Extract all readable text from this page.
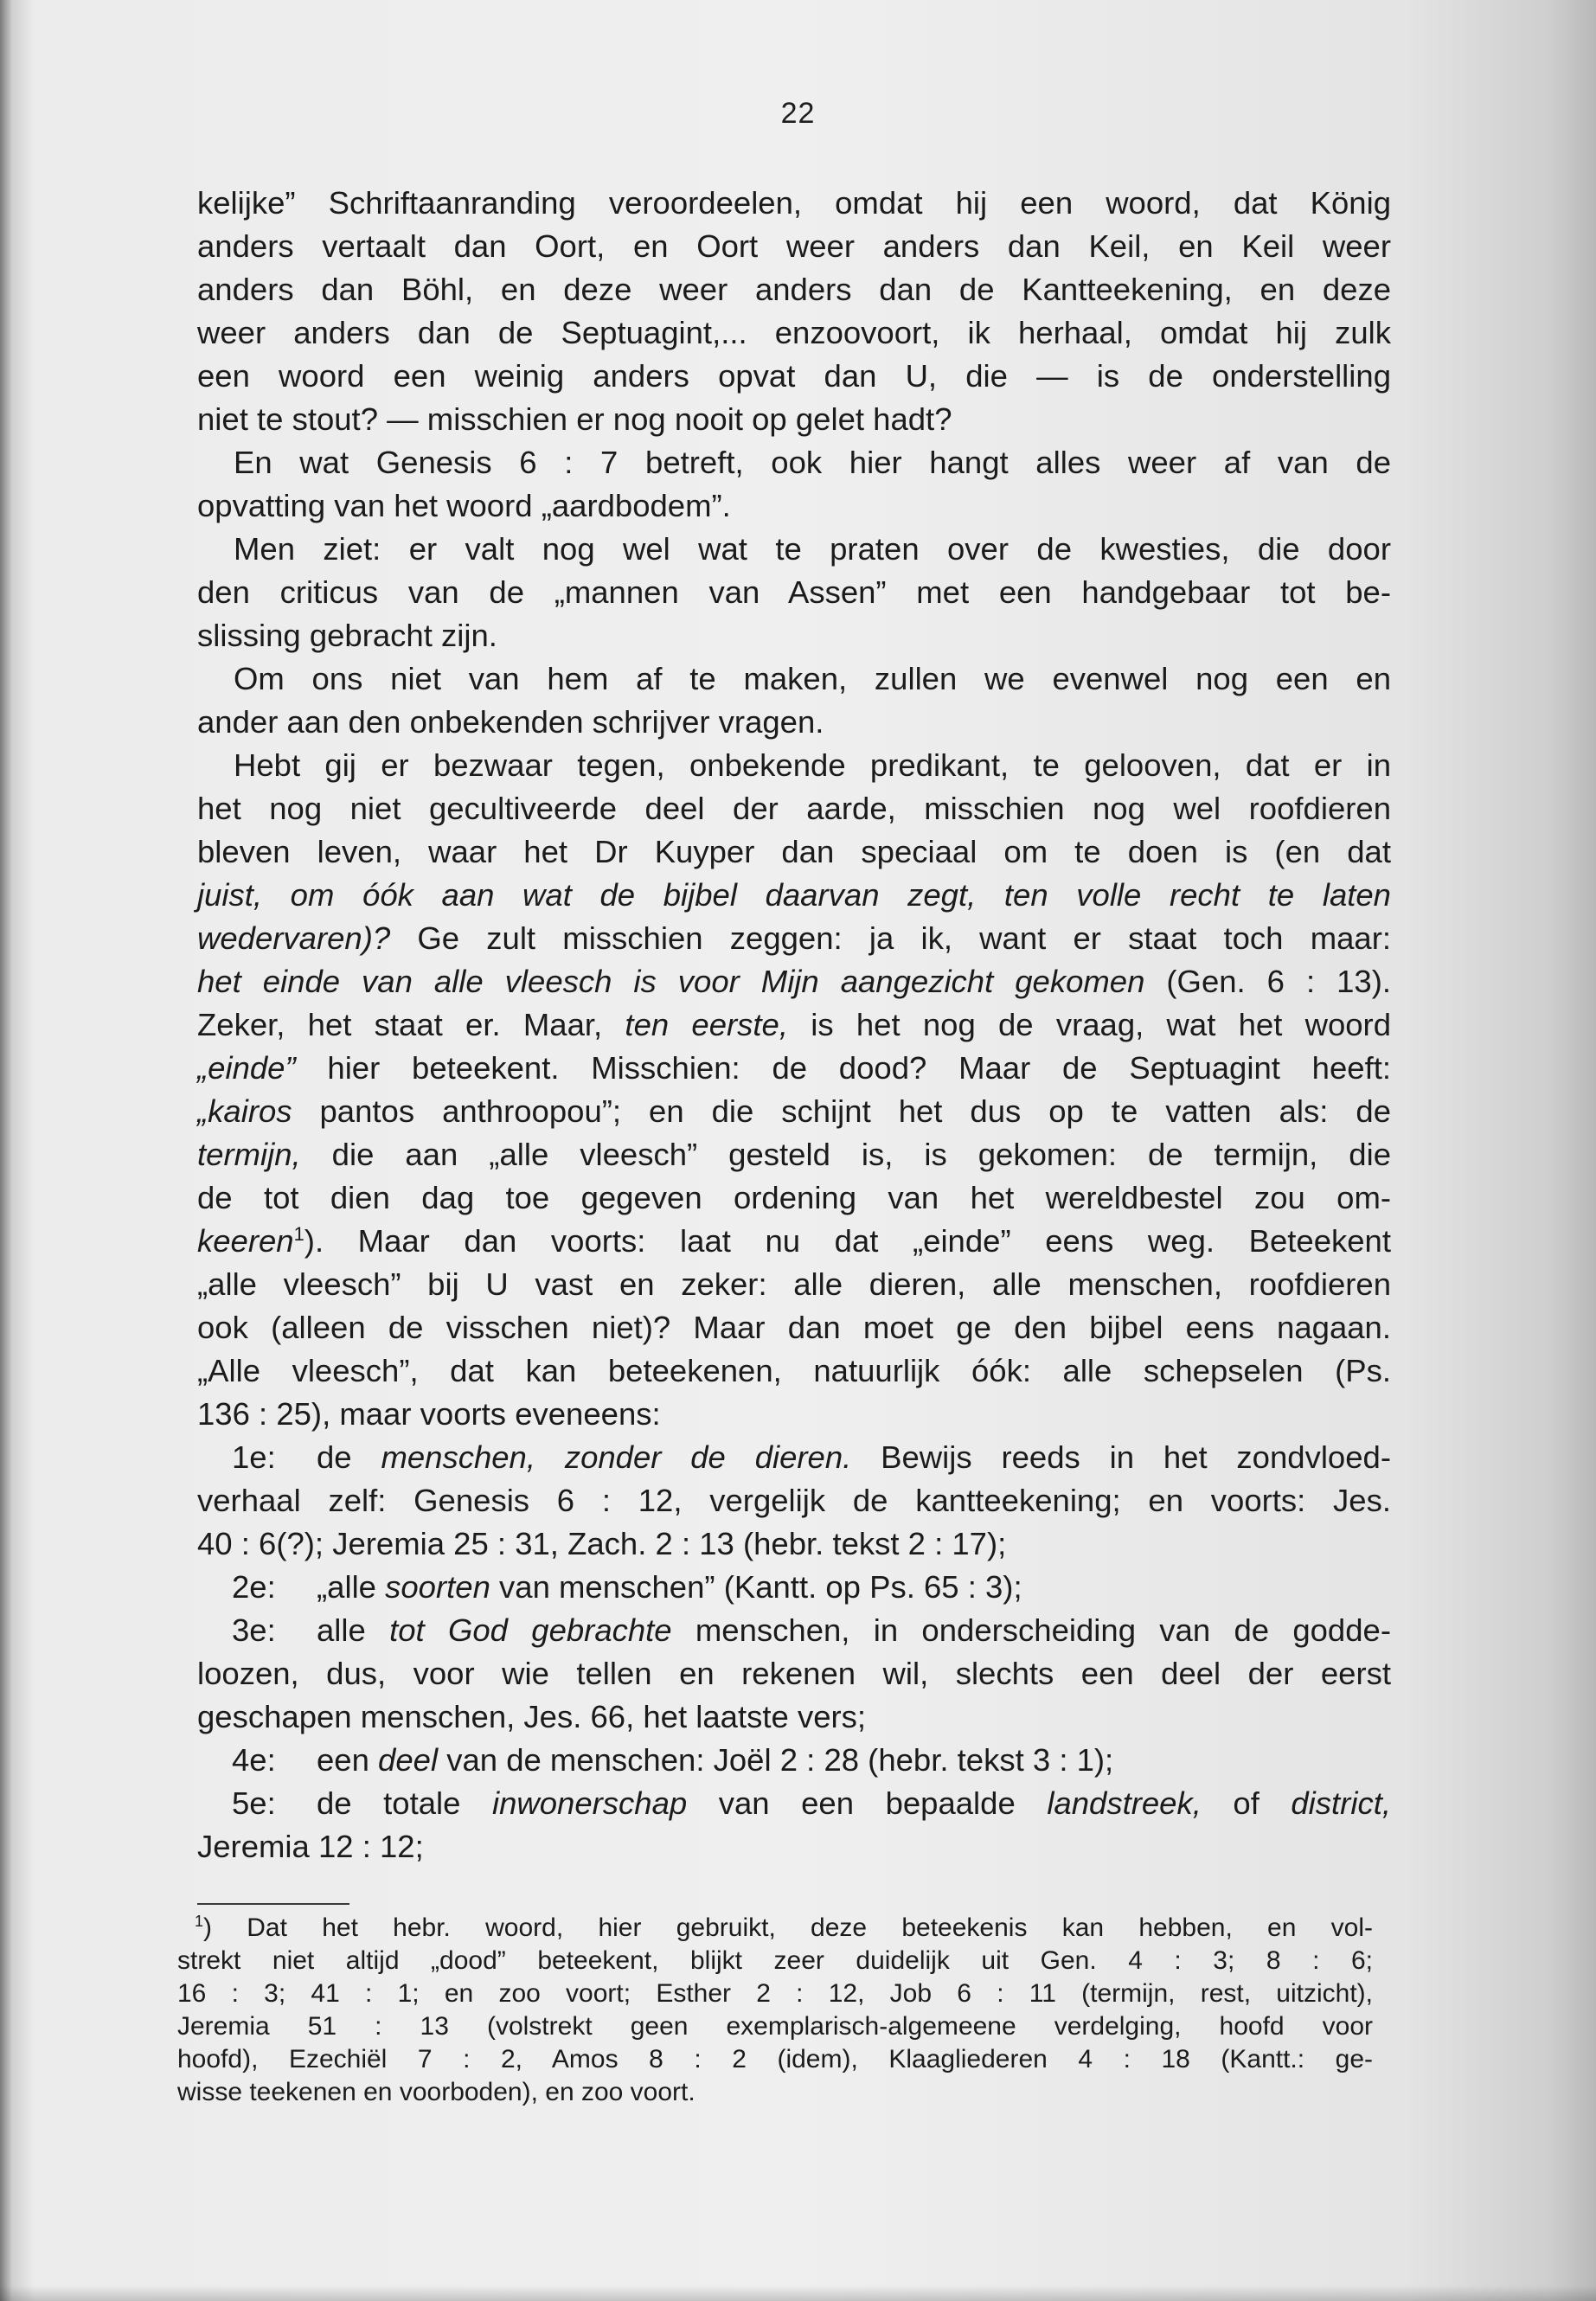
22
kelijke” Schriftaanranding veroordeelen, omdat hij een woord, dat König
anders vertaalt dan Oort, en Oort weer anders dan Keil, en Keil weer
anders dan Böhl, en deze weer anders dan de Kantteekening, en deze
weer anders dan de Septuagint,... enzoovoort, ik herhaal, omdat hij zulk
een woord een weinig anders opvat dan U, die — is de onderstelling
niet te stout? — misschien er nog nooit op gelet hadt?
En wat Genesis 6 : 7 betreft, ook hier hangt alles weer af van de
opvatting van het woord „aardbodem”.
Men ziet: er valt nog wel wat te praten over de kwesties, die door
den criticus van de „mannen van Assen” met een handgebaar tot be-
slissing gebracht zijn.
Om ons niet van hem af te maken, zullen we evenwel nog een en
ander aan den onbekenden schrijver vragen.
Hebt gij er bezwaar tegen, onbekende predikant, te gelooven, dat er in
het nog niet gecultiveerde deel der aarde, misschien nog wel roofdieren
bleven leven, waar het Dr Kuyper dan speciaal om te doen is (en dat
juist, om óók aan wat de bijbel daarvan zegt, ten volle recht te laten
wedervaren)? Ge zult misschien zeggen: ja ik, want er staat toch maar:
het einde van alle vleesch is voor Mijn aangezicht gekomen (Gen. 6 : 13).
Zeker, het staat er. Maar, ten eerste, is het nog de vraag, wat het woord
„einde” hier beteekent. Misschien: de dood? Maar de Septuagint heeft:
„kairos pantos anthroopou”; en die schijnt het dus op te vatten als: de
termijn, die aan „alle vleesch” gesteld is, is gekomen: de termijn, die
de tot dien dag toe gegeven ordening van het wereldbestel zou om-
keeren$^1$). Maar dan voorts: laat nu dat „einde” eens weg. Beteekent
„alle vleesch” bij U vast en zeker: alle dieren, alle menschen, roofdieren
ook (alleen de visschen niet)? Maar dan moet ge den bijbel eens nagaan.
„Alle vleesch”, dat kan beteekenen, natuurlijk óók: alle schepselen (Ps.
136 : 25), maar voorts eveneens:
1e: de menschen, zonder de dieren. Bewijs reeds in het zondvloed-
verhaal zelf: Genesis 6 : 12, vergelijk de kantteekening; en voorts: Jes.
40 : 6(?); Jeremia 25 : 31, Zach. 2 : 13 (hebr. tekst 2 : 17);
2e: „alle soorten van menschen” (Kantt. op Ps. 65 : 3);
3e: alle tot God gebrachte menschen, in onderscheiding van de godde-
loozen, dus, voor wie tellen en rekenen wil, slechts een deel der eerst
geschapen menschen, Jes. 66, het laatste vers;
4e: een deel van de menschen: Joël 2 : 28 (hebr. tekst 3 : 1);
5e: de totale inwonerschap van een bepaalde landstreek, of district,
Jeremia 12 : 12;
$^1$) Dat het hebr. woord, hier gebruikt, deze beteekenis kan hebben, en vol-
strekt niet altijd „dood” beteekent, blijkt zeer duidelijk uit Gen. 4 : 3; 8 : 6;
16 : 3; 41 : 1; en zoo voort; Esther 2 : 12, Job 6 : 11 (termijn, rest, uitzicht),
Jeremia 51 : 13 (volstrekt geen exemplarisch-algemeene verdelging, hoofd voor
hoofd), Ezechiël 7 : 2, Amos 8 : 2 (idem), Klaagliederen 4 : 18 (Kantt.: ge-
wisse teekenen en voorboden), en zoo voort.
